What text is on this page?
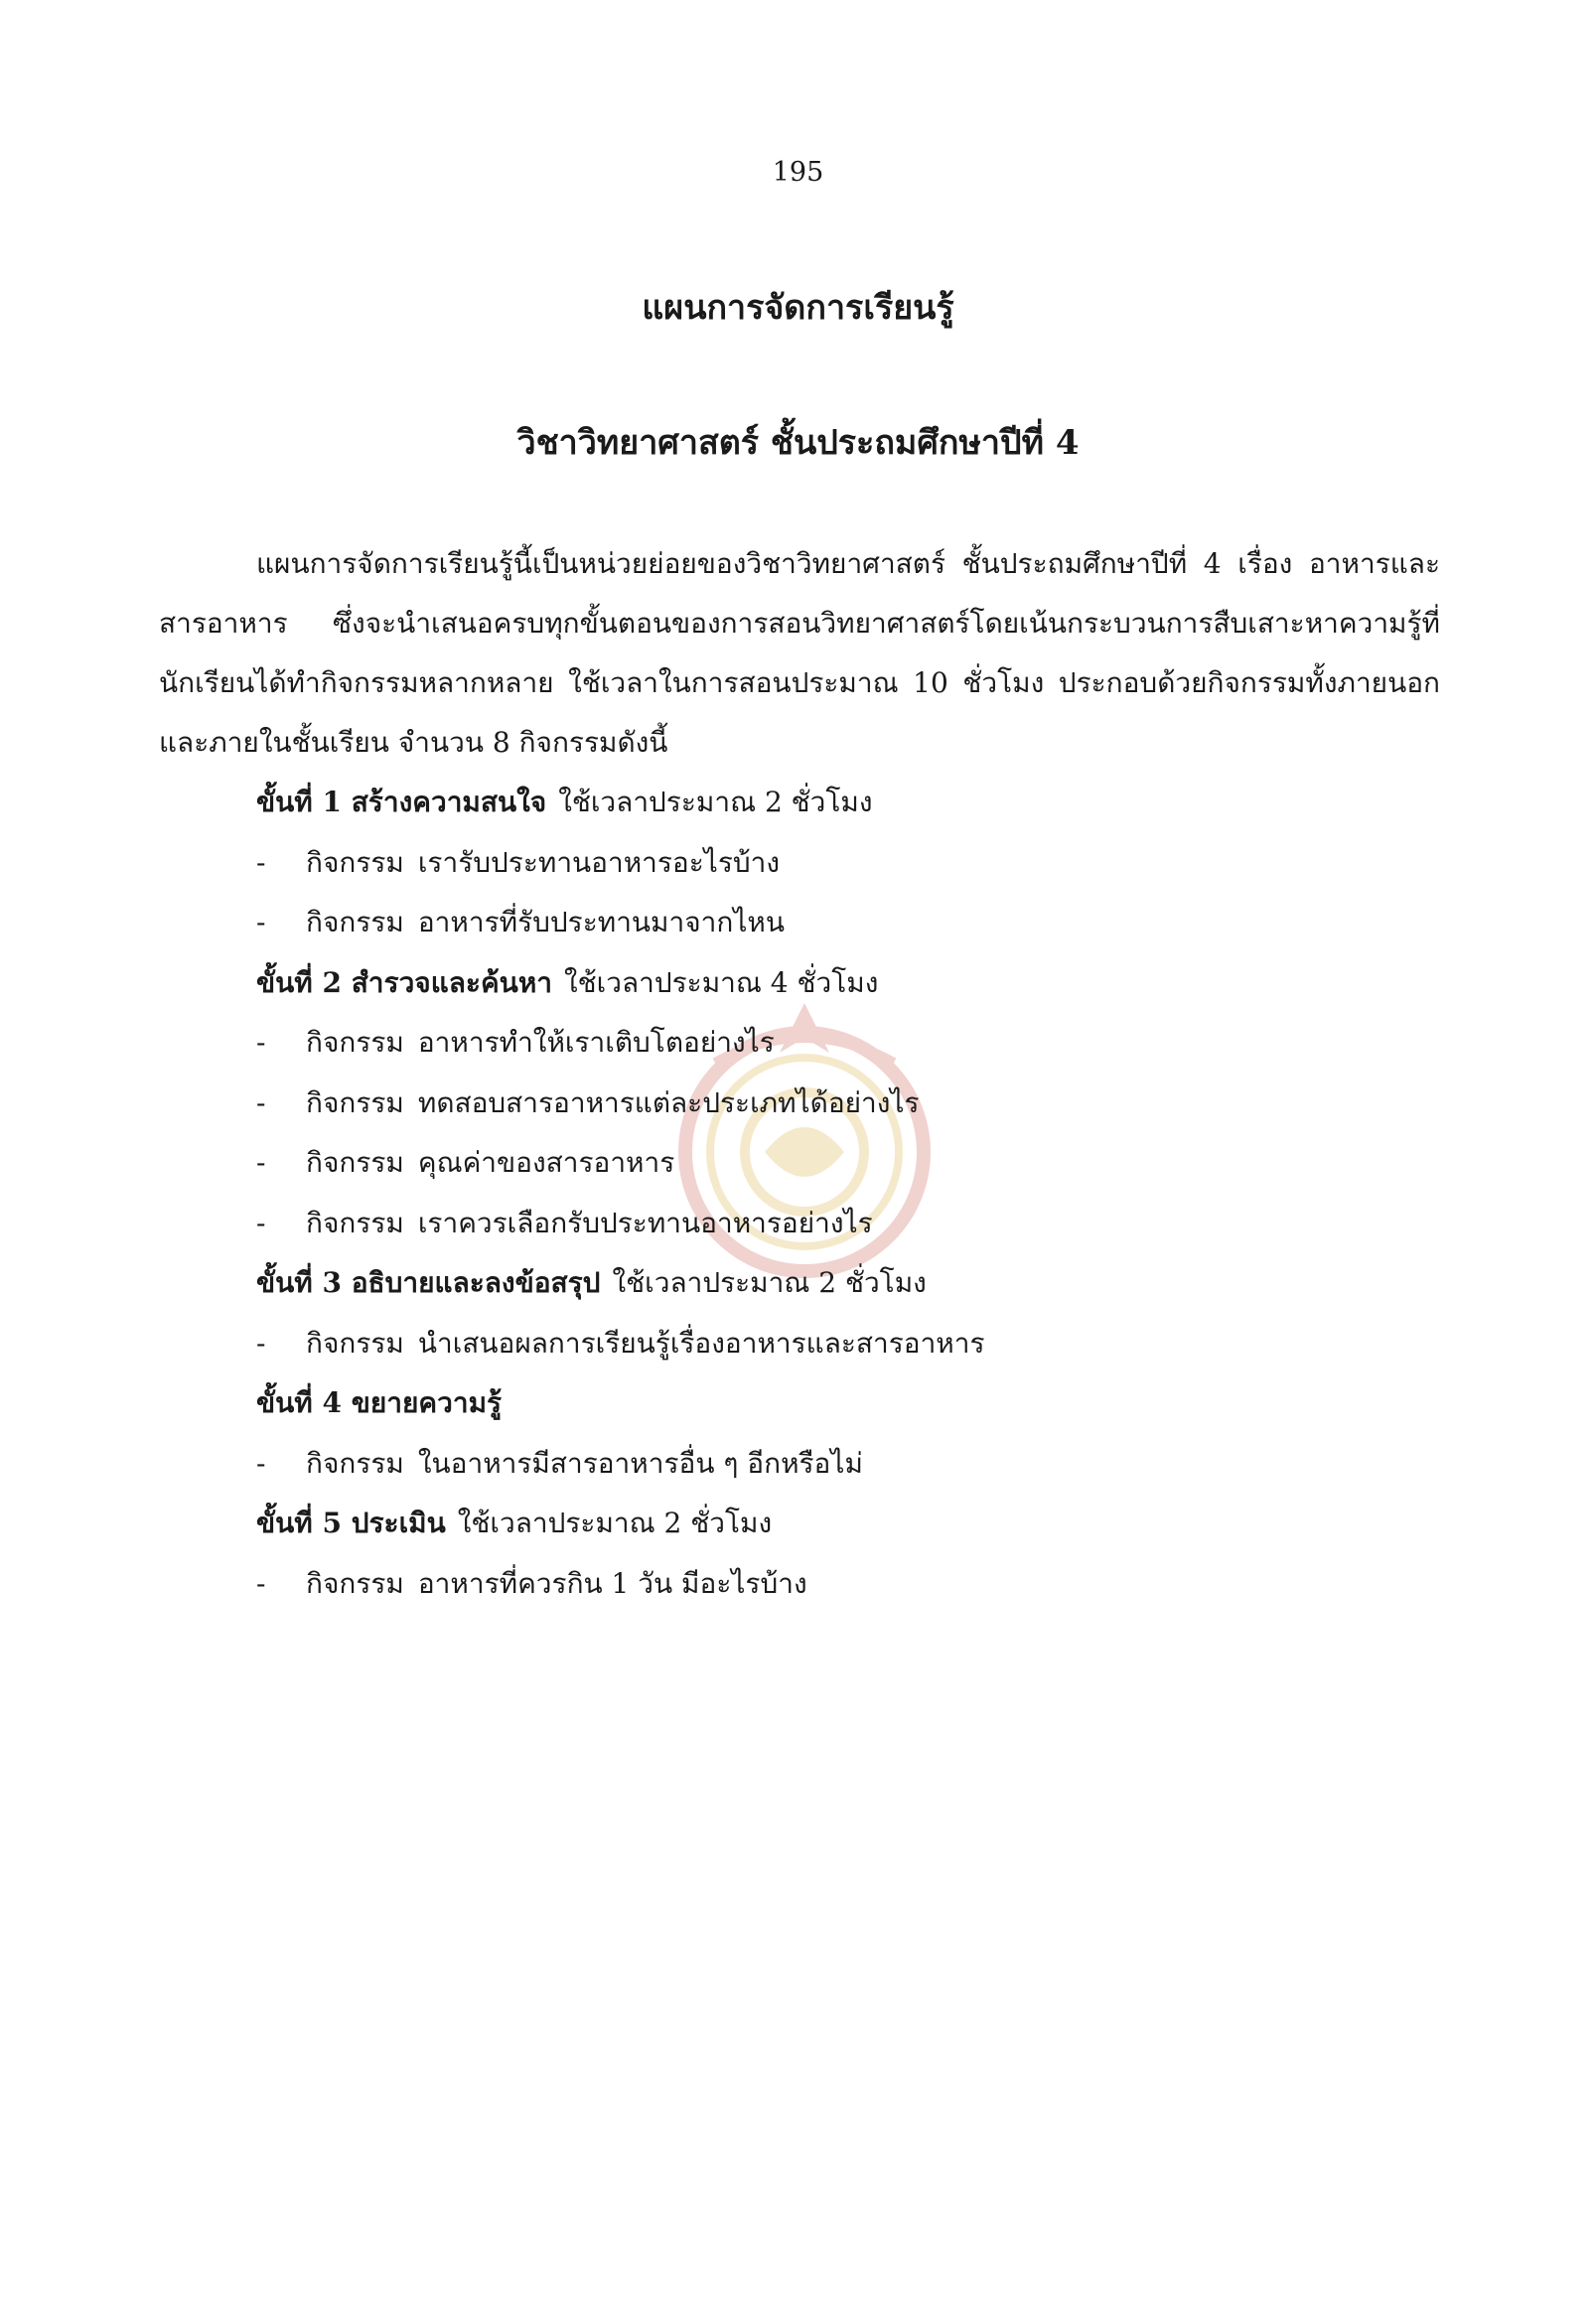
195
แผนการจัดการเรียนรู้
วิชาวิทยาศาสตร์ ชั้นประถมศึกษาปีที่ 4
แผนการจัดการเรียนรู้นี้เป็นหน่วยย่อยของวิชาวิทยาศาสตร์ ชั้นประถมศึกษาปีที่ 4 เรื่อง อาหารและสารอาหาร ซึ่งจะนำเสนอครบทุกขั้นตอนของการสอนวิทยาศาสตร์โดยเน้นกระบวนการสืบเสาะหาความรู้ที่นักเรียนได้ทำกิจกรรมหลากหลาย ใช้เวลาในการสอนประมาณ 10 ชั่วโมง ประกอบด้วยกิจกรรมทั้งภายนอกและภายในชั้นเรียน จำนวน 8 กิจกรรมดังนี้
ขั้นที่ 1 สร้างความสนใจ ใช้เวลาประมาณ 2 ชั่วโมง
-	กิจกรรม เรารับประทานอาหารอะไรบ้าง
-	กิจกรรม อาหารที่รับประทานมาจากไหน
ขั้นที่ 2 สำรวจและค้นหา ใช้เวลาประมาณ 4 ชั่วโมง
-	กิจกรรม อาหารทำให้เราเติบโตอย่างไร
-	กิจกรรม ทดสอบสารอาหารแต่ละประเภทได้อย่างไร
-	กิจกรรม คุณค่าของสารอาหาร
-	กิจกรรม เราควรเลือกรับประทานอาหารอย่างไร
ขั้นที่ 3 อธิบายและลงข้อสรุป ใช้เวลาประมาณ 2 ชั่วโมง
-	กิจกรรม นำเสนอผลการเรียนรู้เรื่องอาหารและสารอาหาร
ขั้นที่ 4 ขยายความรู้
-	กิจกรรม ในอาหารมีสารอาหารอื่น ๆ อีกหรือไม่
ขั้นที่ 5 ประเมิน ใช้เวลาประมาณ 2 ชั่วโมง
-	กิจกรรม อาหารที่ควรกิน 1 วัน มีอะไรบ้าง
